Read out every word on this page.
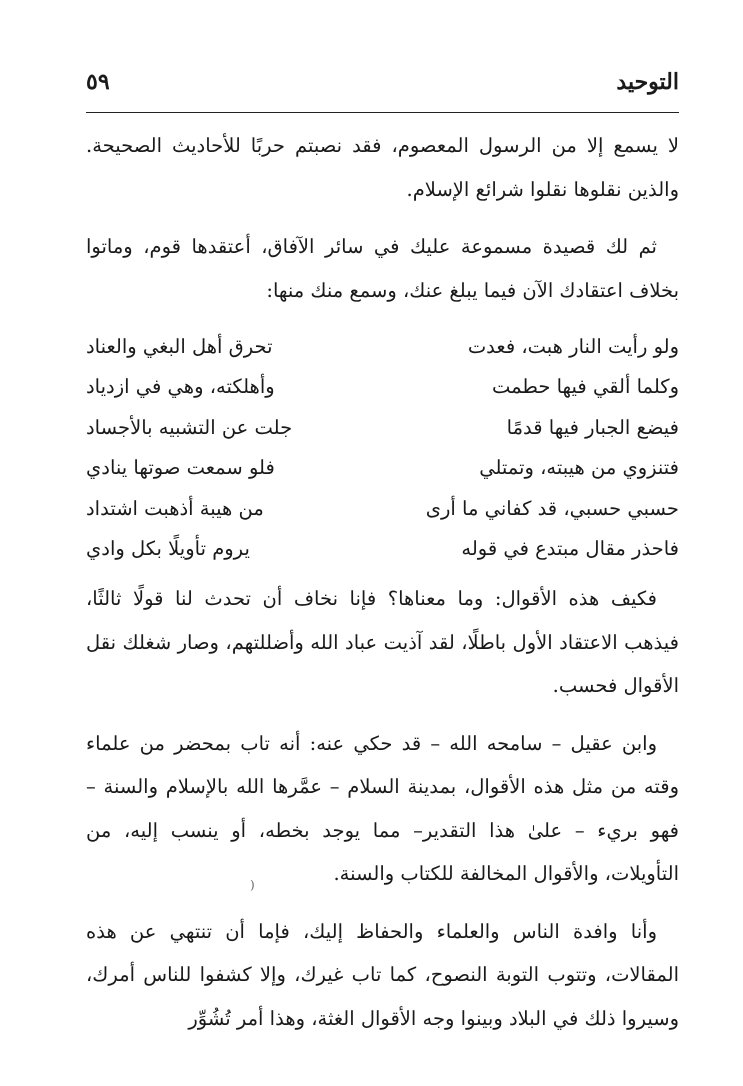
٥٩	التوحيد

لا يسمع إلا من الرسول المعصوم، فقد نصبتم حربًا للأحاديث الصحيحة. والذين نقلوها نقلوا شرائع الإسلام.

ثم لك قصيدة مسموعة عليك في سائر الآفاق، أعتقدها قوم، وماتوا بخلاف اعتقادك الآن فيما يبلغ عنك، وسمع منك منها:

ولو رأيت النار هبت، فعدت
تحرق أهل البغي والعناد
وكلما ألقي فيها حطمت
وأهلكته، وهي في ازدياد
فيضع الجبار فيها قدمًا
جلت عن التشبيه بالأجساد
فتنزوي من هيبته، وتمتلي
فلو سمعت صوتها ينادي
حسبي حسبي، قد كفاني ما أرى
من هيبة أذهبت اشتداد
فاحذر مقال مبتدع في قوله
يروم تأويلًا بكل وادي

فكيف هذه الأقوال: وما معناها؟ فإنا نخاف أن تحدث لنا قولًا ثالثًا، فيذهب الاعتقاد الأول باطلًا، لقد آذيت عباد الله وأضللتهم، وصار شغلك نقل الأقوال فحسب.

وابن عقيل – سامحه الله – قد حكي عنه: أنه تاب بمحضر من علماء وقته من مثل هذه الأقوال، بمدينة السلام – عمَّرها الله بالإسلام والسنة – فهو بريء – علىٰ هذا التقدير– مما يوجد بخطه، أو ينسب إليه، من التأويلات، والأقوال المخالفة للكتاب والسنة.

وأنا وافدة الناس والعلماء والحفاظ إليك، فإما أن تنتهي عن هذه المقالات، وتتوب التوبة النصوح، كما تاب غيرك، وإلا كشفوا للناس أمرك، وسيروا ذلك في البلاد وبينوا وجه الأقوال الغثة، وهذا أمر تُشُوِّر

)
